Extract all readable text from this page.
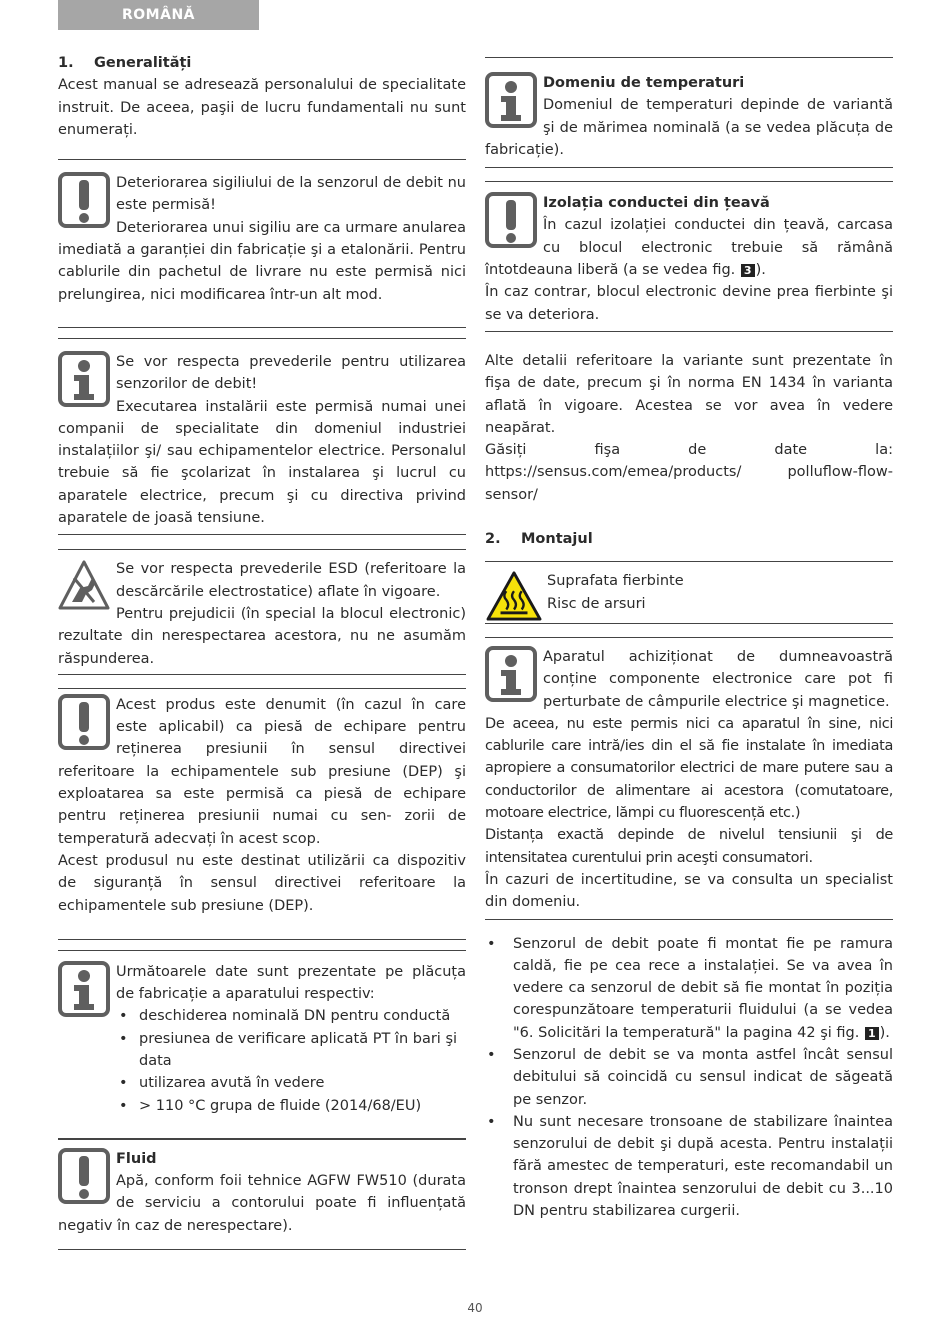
ROMÂNĂ

1. Generalități

Acest manual se adresează personalului de specialitate instruit. De aceea, paşii de lucru fundamentali nu sunt enumerați.

Deteriorarea sigiliului de la senzorul de debit nu este permisă!

Deteriorarea unui sigiliu are ca urmare anularea imediată a garanției din fabricație şi a etalonării. Pentru cablurile din pachetul de livrare nu este permisă nici prelungirea, nici modificarea într-un alt mod.

Se vor respecta prevederile pentru utilizarea senzorilor de debit!

Executarea instalării este permisă numai unei companii de specialitate din domeniul industriei instalațiilor şi/ sau echipamentelor electrice. Personalul trebuie să fie şcolarizat în instalarea şi lucrul cu aparatele electrice, precum şi cu directiva privind aparatele de joasă tensiune.

Se vor respecta prevederile ESD (referitoare la descărcările electrostatice) aflate în vigoare.

Pentru prejudicii (în special la blocul electronic) rezultate din nerespectarea acestora, nu ne asumăm răspunderea.

Acest produs este denumit (în cazul în care este aplicabil) ca piesă de echipare pentru reținerea presiunii în sensul directivei referitoare la echipamentele sub presiune (DEP) şi exploatarea sa este permisă ca piesă de echipare pentru reținerea presiunii numai cu sen- zorii de temperatură adecvați în acest scop.

Acest produsul nu este destinat utilizării ca dispozitiv de siguranță în sensul directivei referitoare la echipamentele sub presiune (DEP).

Următoarele date sunt prezentate pe plăcuța de fabricație a aparatului respectiv:

• deschiderea nominală DN pentru conductă
• presiunea de verificare aplicată PT în bari şi data
• utilizarea avută în vedere
• > 110 °C grupa de fluide (2014/68/EU)

Fluid

Apă, conform foii tehnice AGFW FW510 (durata de serviciu a contorului poate fi influențată negativ în caz de nerespectare).

Domeniu de temperaturi

Domeniul de temperaturi depinde de variantă şi de mărimea nominală (a se vedea plăcuța de fabricație).

Izolația conductei din țeavă

În cazul izolației conductei din țeavă, carcasa cu blocul electronic trebuie să rămână întotdeauna liberă (a se vedea fig. 3 ).

În caz contrar, blocul electronic devine prea fierbinte şi se va deteriora.

Alte detalii referitoare la variante sunt prezentate în fişa de date, precum şi în norma EN 1434 în varianta aflată în vigoare. Acestea se vor avea în vedere neapărat.

Găsiți fişa de date la: https://sensus.com/emea/products/ polluflow-flow-sensor/

2. Montajul

Suprafata fierbinte

Risc de arsuri

Aparatul achiziționat de dumneavoastră conține componente electronice care pot fi perturbate de câmpurile electrice şi magnetice.

De aceea, nu este permis nici ca aparatul în sine, nici cablurile care intră/ies din el să fie instalate în imediata apropiere a consumatorilor electrici de mare putere sau a conductorilor de alimentare ai acestora (comutatoare, motoare electrice, lămpi cu fluorescență etc.)

Distanța exactă depinde de nivelul tensiunii şi de intensitatea curentului prin aceşti consumatori.

În cazuri de incertitudine, se va consulta un specialist din domeniu.

• Senzorul de debit poate fi montat fie pe ramura caldă, fie pe cea rece a instalației. Se va avea în vedere ca senzorul de debit să fie montat în poziția corespunzătoare temperaturii fluidului (a se vedea "6. Solicitări la temperatură" la pagina 42 şi fig. 1 ).
• Senzorul de debit se va monta astfel încât sensul debitului să coincidă cu sensul indicat de săgeată pe senzor.
• Nu sunt necesare tronsoane de stabilizare înaintea senzorului de debit şi după acesta. Pentru instalații fără amestec de temperaturi, este recomandabil un tronson drept înaintea senzorului de debit cu 3...10 DN pentru stabilizarea curgerii.
40
